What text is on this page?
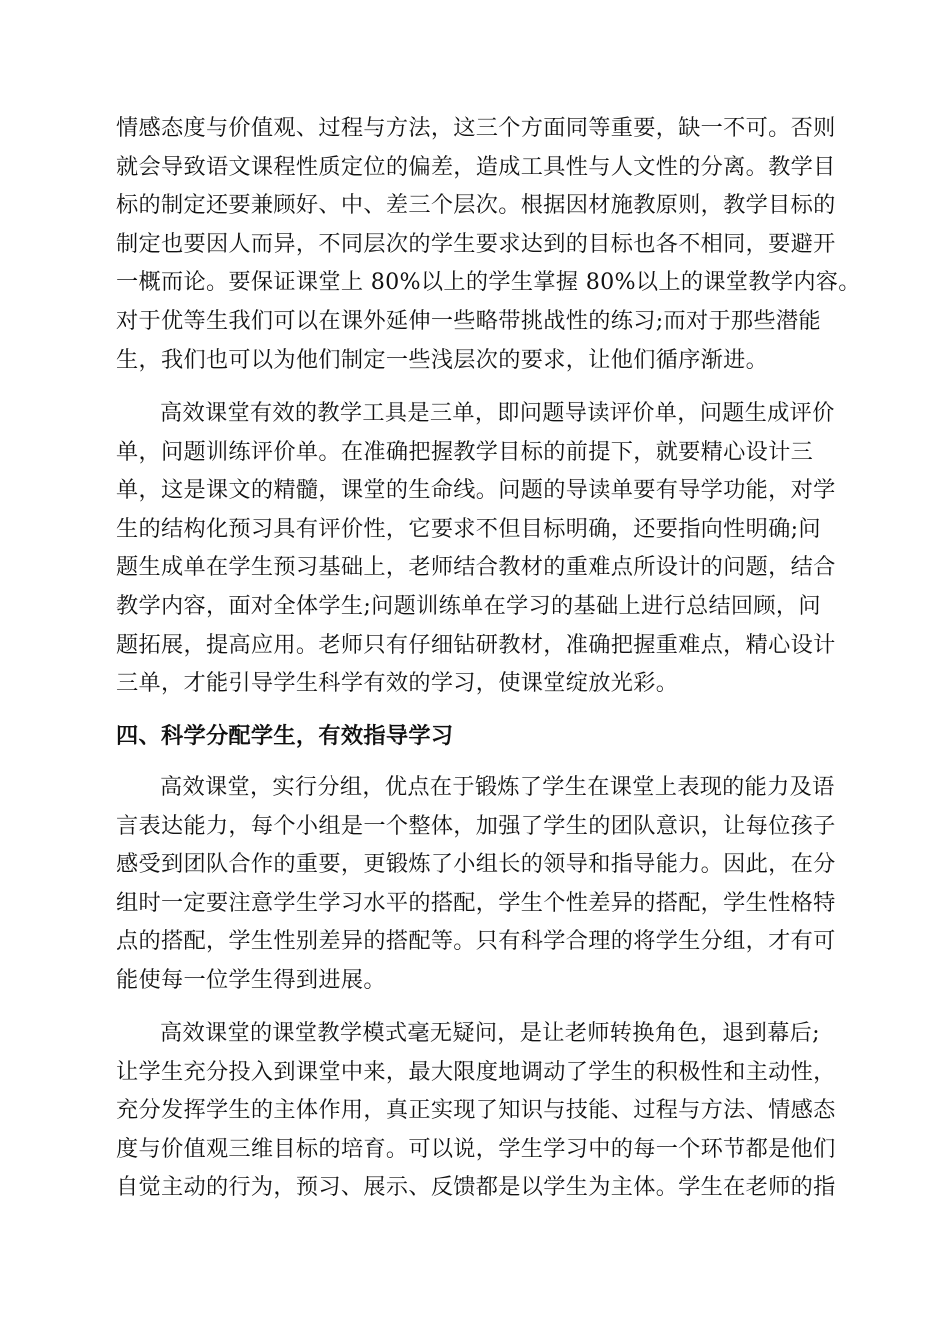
情感态度与价值观、过程与方法，这三个方面同等重要，缺一不可。否则
就会导致语文课程性质定位的偏差，造成工具性与人文性的分离。教学目
标的制定还要兼顾好、中、差三个层次。根据因材施教原则，教学目标的
制定也要因人而异，不同层次的学生要求达到的目标也各不相同，要避开
一概而论。要保证课堂上 80%以上的学生掌握 80%以上的课堂教学内容。
对于优等生我们可以在课外延伸一些略带挑战性的练习;而对于那些潜能
生，我们也可以为他们制定一些浅层次的要求，让他们循序渐进。

高效课堂有效的教学工具是三单，即问题导读评价单，问题生成评价
单，问题训练评价单。在准确把握教学目标的前提下，就要精心设计三
单，这是课文的精髓，课堂的生命线。问题的导读单要有导学功能，对学
生的结构化预习具有评价性，它要求不但目标明确，还要指向性明确;问
题生成单在学生预习基础上，老师结合教材的重难点所设计的问题，结合
教学内容，面对全体学生;问题训练单在学习的基础上进行总结回顾，问
题拓展，提高应用。老师只有仔细钻研教材，准确把握重难点，精心设计
三单，才能引导学生科学有效的学习，使课堂绽放光彩。

四、科学分配学生，有效指导学习

高效课堂，实行分组，优点在于锻炼了学生在课堂上表现的能力及语
言表达能力，每个小组是一个整体，加强了学生的团队意识，让每位孩子
感受到团队合作的重要，更锻炼了小组长的领导和指导能力。因此，在分
组时一定要注意学生学习水平的搭配，学生个性差异的搭配，学生性格特
点的搭配，学生性别差异的搭配等。只有科学合理的将学生分组，才有可
能使每一位学生得到进展。

高效课堂的课堂教学模式毫无疑问，是让老师转换角色，退到幕后;
让学生充分投入到课堂中来，最大限度地调动了学生的积极性和主动性，
充分发挥学生的主体作用，真正实现了知识与技能、过程与方法、情感态
度与价值观三维目标的培育。可以说，学生学习中的每一个环节都是他们
自觉主动的行为，预习、展示、反馈都是以学生为主体。学生在老师的指
